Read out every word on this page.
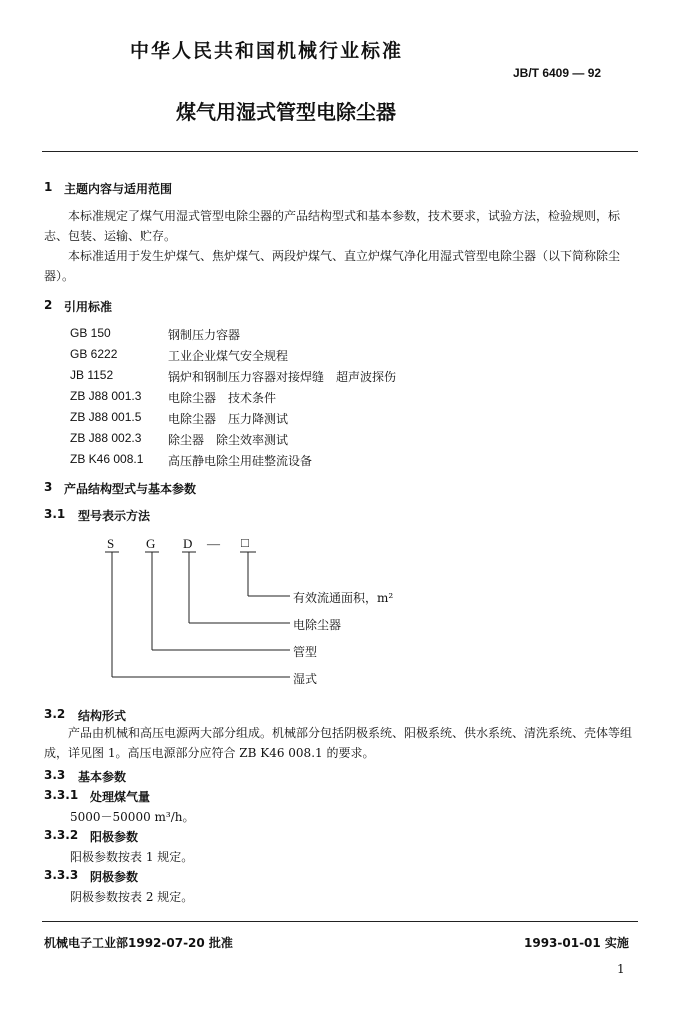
中华人民共和国机械行业标准
JB/T 6409 — 92
煤气用湿式管型电除尘器
1 主题内容与适用范围
本标准规定了煤气用湿式管型电除尘器的产品结构型式和基本参数，技术要求，试验方法，检验规则，标志、包装、运输、贮存。
本标准适用于发生炉煤气、焦炉煤气、两段炉煤气、直立炉煤气净化用湿式管型电除尘器（以下简称除尘器）。
2 引用标准
GB 150	钢制压力容器
GB 6222	工业企业煤气安全规程
JB 1152	锅炉和钢制压力容器对接焊缝　超声波探伤
ZB J88 001.3 电除尘器　技术条件
ZB J88 001.5 电除尘器　压力降测试
ZB J88 002.3 除尘器　除尘效率测试
ZB K46 008.1 高压静电除尘用硅整流设备
3 产品结构型式与基本参数
3.1 型号表示方法
S G D — □
有效流通面积，m²
电除尘器
管型
湿式
3.2 结构形式
产品由机械和高压电源两大部分组成。机械部分包括阴极系统、阳极系统、供水系统、清洗系统、壳体等组成，详见图 1。高压电源部分应符合 ZB K46 008.1 的要求。
3.3 基本参数
3.3.1 处理煤气量
5000－50000 m³/h。
3.3.2 阳极参数
阳极参数按表 1 规定。
3.3.3 阴极参数
阴极参数按表 2 规定。
机械电子工业部1992-07-20 批准	1993-01-01 实施
1
